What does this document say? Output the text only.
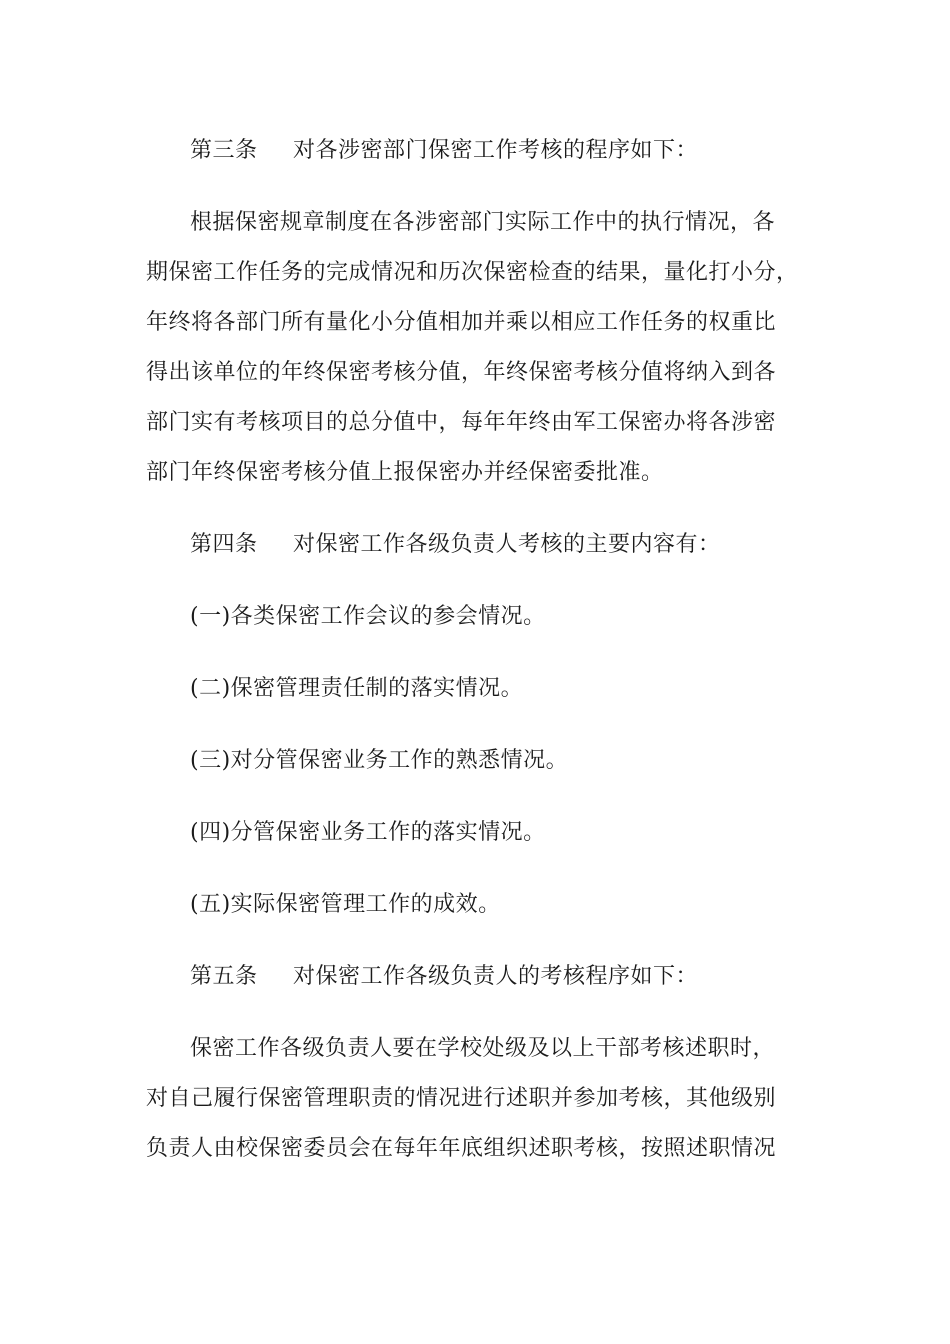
第三条 对各涉密部门保密工作考核的程序如下：
根据保密规章制度在各涉密部门实际工作中的执行情况，各
期保密工作任务的完成情况和历次保密检查的结果，量化打小分，
年终将各部门所有量化小分值相加并乘以相应工作任务的权重比
得出该单位的年终保密考核分值，年终保密考核分值将纳入到各
部门实有考核项目的总分值中，每年年终由军工保密办将各涉密
部门年终保密考核分值上报保密办并经保密委批准。
第四条 对保密工作各级负责人考核的主要内容有：
(一)各类保密工作会议的参会情况。
(二)保密管理责任制的落实情况。
(三)对分管保密业务工作的熟悉情况。
(四)分管保密业务工作的落实情况。
(五)实际保密管理工作的成效。
第五条 对保密工作各级负责人的考核程序如下：
保密工作各级负责人要在学校处级及以上干部考核述职时，
对自己履行保密管理职责的情况进行述职并参加考核，其他级别
负责人由校保密委员会在每年年底组织述职考核，按照述职情况
